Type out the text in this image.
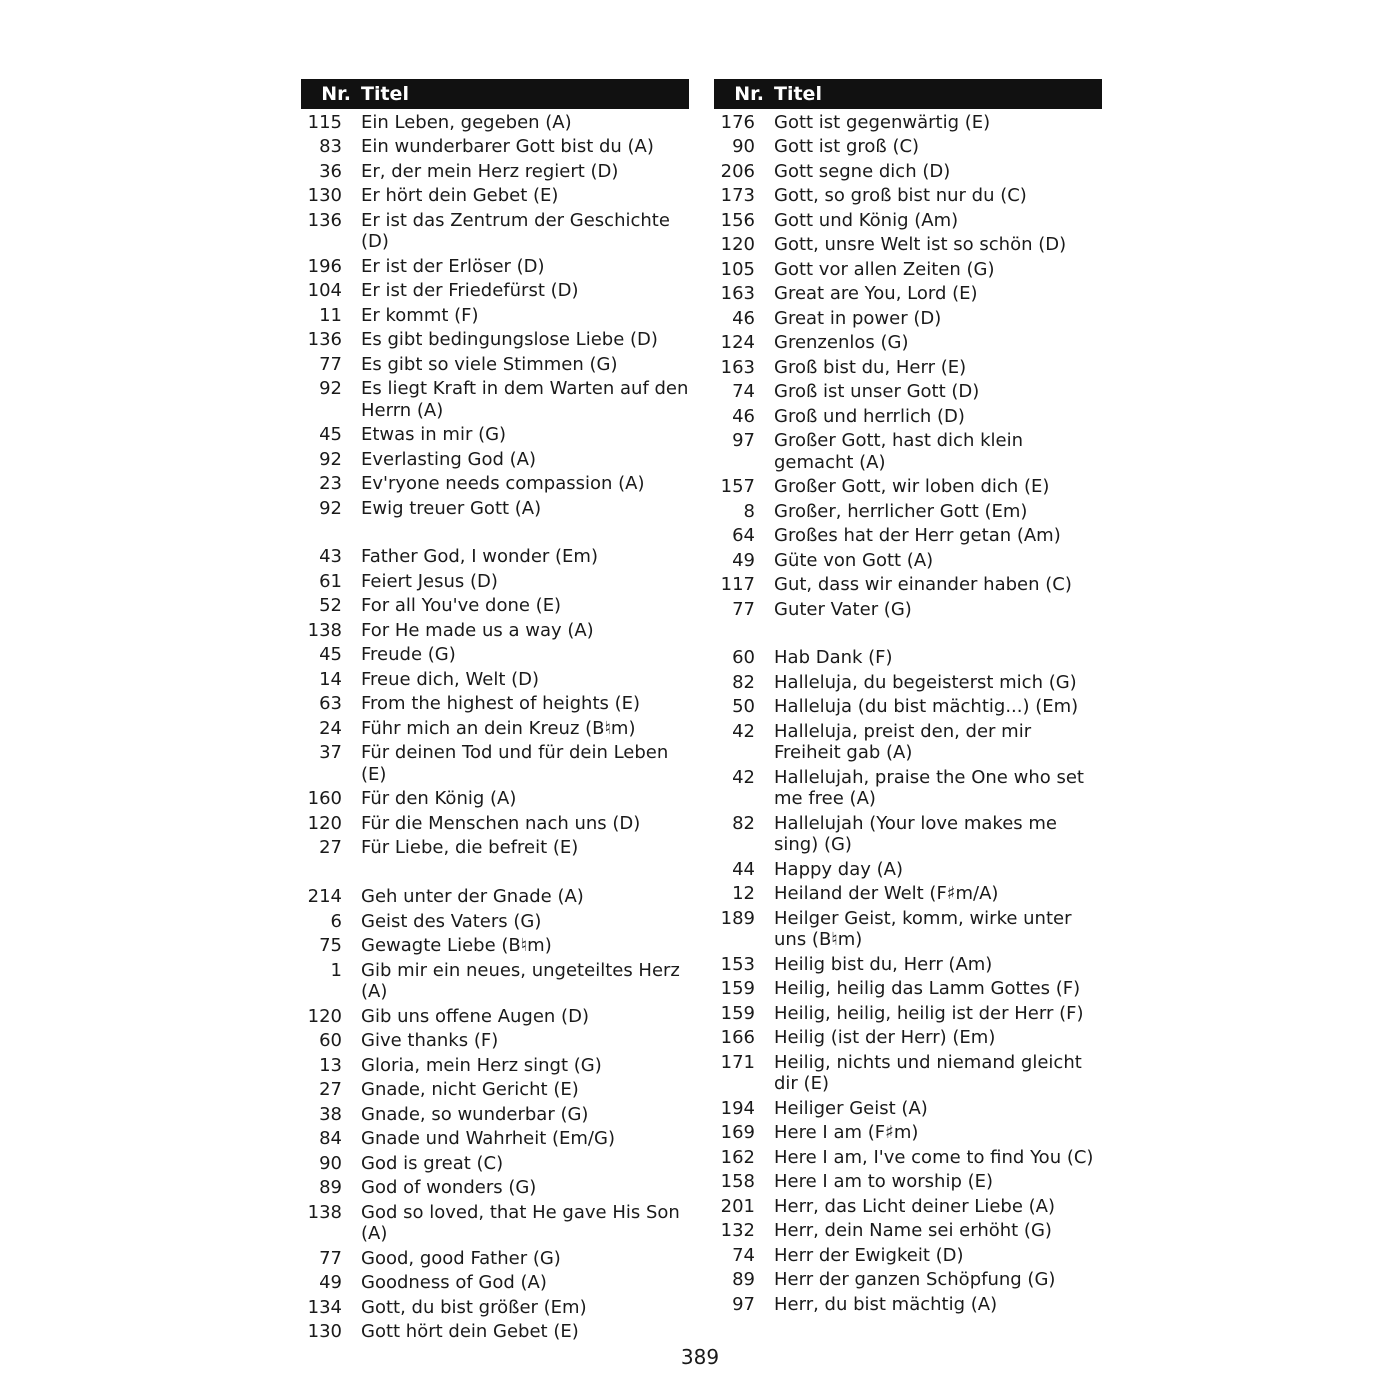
Nr. Titel
115	Ein Leben, gegeben (A)
83	Ein wunderbarer Gott bist du (A)
36	Er, der mein Herz regiert (D)
130	Er hört dein Gebet (E)
136	Er ist das Zentrum der Geschichte (D)
196	Er ist der Erlöser (D)
104	Er ist der Friedefürst (D)
11	Er kommt (F)
136	Es gibt bedingungslose Liebe (D)
77	Es gibt so viele Stimmen (G)
92	Es liegt Kraft in dem Warten auf den Herrn (A)
45	Etwas in mir (G)
92	Everlasting God (A)
23	Ev'ryone needs compassion (A)
92	Ewig treuer Gott (A)
43	Father God, I wonder (Em)
61	Feiert Jesus (D)
52	For all You've done (E)
138	For He made us a way (A)
45	Freude (G)
14	Freue dich, Welt (D)
63	From the highest of heights (E)
24	Führ mich an dein Kreuz (B♮m)
37	Für deinen Tod und für dein Leben (E)
160	Für den König (A)
120	Für die Menschen nach uns (D)
27	Für Liebe, die befreit (E)
214	Geh unter der Gnade (A)
6	Geist des Vaters (G)
75	Gewagte Liebe (B♮m)
1	Gib mir ein neues, ungeteiltes Herz (A)
120	Gib uns offene Augen (D)
60	Give thanks (F)
13	Gloria, mein Herz singt (G)
27	Gnade, nicht Gericht (E)
38	Gnade, so wunderbar (G)
84	Gnade und Wahrheit (Em/G)
90	God is great (C)
89	God of wonders (G)
138	God so loved, that He gave His Son (A)
77	Good, good Father (G)
49	Goodness of God (A)
134	Gott, du bist größer (Em)
130	Gott hört dein Gebet (E)
Nr. Titel
176	Gott ist gegenwärtig (E)
90	Gott ist groß (C)
206	Gott segne dich (D)
173	Gott, so groß bist nur du (C)
156	Gott und König (Am)
120	Gott, unsre Welt ist so schön (D)
105	Gott vor allen Zeiten (G)
163	Great are You, Lord (E)
46	Great in power (D)
124	Grenzenlos (G)
163	Groß bist du, Herr (E)
74	Groß ist unser Gott (D)
46	Groß und herrlich (D)
97	Großer Gott, hast dich klein gemacht (A)
157	Großer Gott, wir loben dich (E)
8	Großer, herrlicher Gott (Em)
64	Großes hat der Herr getan (Am)
49	Güte von Gott (A)
117	Gut, dass wir einander haben (C)
77	Guter Vater (G)
60	Hab Dank (F)
82	Halleluja, du begeisterst mich (G)
50	Halleluja (du bist mächtig...) (Em)
42	Halleluja, preist den, der mir Freiheit gab (A)
42	Hallelujah, praise the One who set me free (A)
82	Hallelujah (Your love makes me sing) (G)
44	Happy day (A)
12	Heiland der Welt (F♯m/A)
189	Heilger Geist, komm, wirke unter uns (B♮m)
153	Heilig bist du, Herr (Am)
159	Heilig, heilig das Lamm Gottes (F)
159	Heilig, heilig, heilig ist der Herr (F)
166	Heilig (ist der Herr) (Em)
171	Heilig, nichts und niemand gleicht dir (E)
194	Heiliger Geist (A)
169	Here I am (F♯m)
162	Here I am, I've come to find You (C)
158	Here I am to worship (E)
201	Herr, das Licht deiner Liebe (A)
132	Herr, dein Name sei erhöht (G)
74	Herr der Ewigkeit (D)
89	Herr der ganzen Schöpfung (G)
97	Herr, du bist mächtig (A)
389
